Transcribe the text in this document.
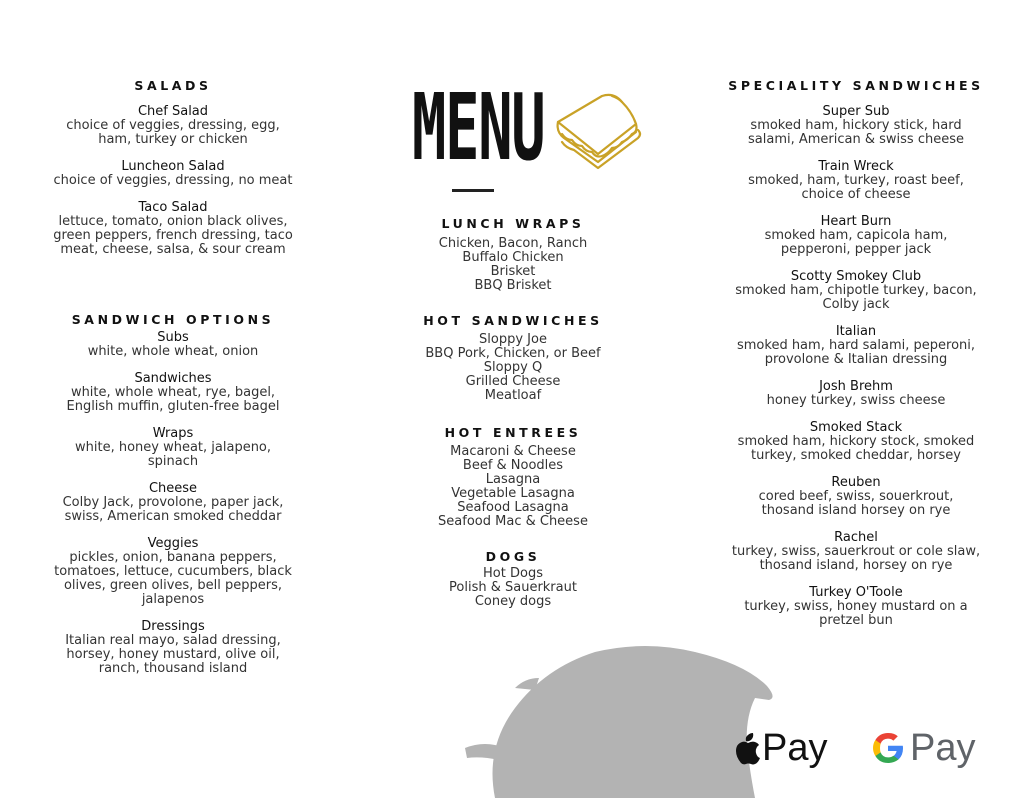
SALADS
Chef Salad
choice of veggies, dressing, egg,
ham, turkey or chicken
Luncheon Salad
choice of veggies, dressing, no meat
Taco Salad
lettuce, tomato, onion black olives,
green peppers, french dressing, taco
meat, cheese, salsa, & sour cream
SANDWICH OPTIONS
Subs
white, whole wheat, onion
Sandwiches
white, whole wheat, rye, bagel,
English muffin, gluten-free bagel
Wraps
white, honey wheat, jalapeno,
spinach
Cheese
Colby Jack, provolone, paper jack,
swiss, American smoked cheddar
Veggies
pickles, onion, banana peppers,
tomatoes, lettuce, cucumbers, black
olives, green olives, bell peppers,
jalapenos
Dressings
Italian real mayo, salad dressing,
horsey, honey mustard, olive oil,
ranch, thousand island
MENU
LUNCH WRAPS
Chicken, Bacon, Ranch
Buffalo Chicken
Brisket
BBQ Brisket
HOT SANDWICHES
Sloppy Joe
BBQ Pork, Chicken, or Beef
Sloppy Q
Grilled Cheese
Meatloaf
HOT ENTREES
Macaroni & Cheese
Beef & Noodles
Lasagna
Vegetable Lasagna
Seafood Lasagna
Seafood Mac & Cheese
DOGS
Hot Dogs
Polish & Sauerkraut
Coney dogs
SPECIALITY SANDWICHES
Super Sub
smoked ham, hickory stick, hard
salami, American & swiss cheese
Train Wreck
smoked, ham, turkey, roast beef,
choice of cheese
Heart Burn
smoked ham, capicola ham,
pepperoni, pepper jack
Scotty Smokey Club
smoked ham, chipotle turkey, bacon,
Colby jack
Italian
smoked ham, hard salami, peperoni,
provolone & Italian dressing
Josh Brehm
honey turkey, swiss cheese
Smoked Stack
smoked ham, hickory stock, smoked
turkey, smoked cheddar, horsey
Reuben
cored beef, swiss, souerkrout,
thosand island horsey on rye
Rachel
turkey, swiss, sauerkrout or cole slaw,
thosand island, horsey on rye
Turkey O'Toole
turkey, swiss, honey mustard on a
pretzel bun
Pay Pay
